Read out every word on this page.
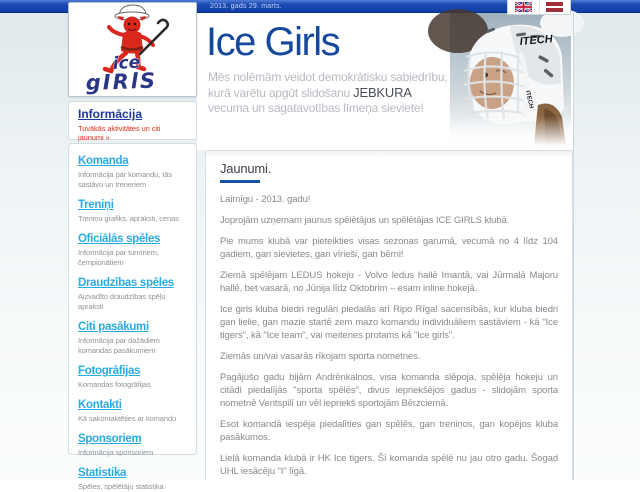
2013. gads 29. marts.
Ice Girls
Mēs nolēmām veidot demokrātisku sabiedrību,
kurā varētu apgūt slidošanu JEBKURA
vecuma un sagatavotības līmeņa sieviete!
ITECH
ITECH
ice
gIRlS
Informācija
Tuvākās aktivitātes un citi jaunumi »
Komanda
Informācija par komandu, tās sastāvu un treneriem
Treniņi
Treniņu grafiks, apraksti, cenas
Oficiālās spēles
Informācija par turnīriem, čempionātiem
Draudzības spēles
Aizvadīto draudzības spēļu apraksti
Citi pasākumi
Informācija par dažādiem komandas pasākumiem
Fotogrāfijas
Komandas fotogrāfijas
Kontakti
Kā sakontaktēties ar komandu
Sponsoriem
Informācija sponsoriem
Statistika
Spēles, spēlētāju statistika
Jaunumi.
Laimīgu - 2013. gadu!
Joprojām uzņemam jaunus spēlētājus un spēlētājas ICE GIRLS klubā.
Pie mums klubā var pieteikties visas sezonas garumā, vecumā no 4 līdz 104 gadiem, gan sievietes, gan vīrieši, gan bērni!
Ziemā spēlējam LEDUS hokeju - Volvo ledus hallē Imantā, vai Jūrmalā Majoru hallē, bet vasarā, no Jūnija līdz Oktobrim – esam inline hokejā.
Ice girls kluba biedri regulāri piedalās arī Ripo Rīga! sacensībās, kur kluba biedri gan lielie, gan mazie startē zem mazo komandu individuāliem sastāviem - kā "Ice tigers", kā "Ice team", vai meitenes protams kā "Ice girls".
Ziemās un/vai vasarās rīkojam sporta nometnes.
Pagājušo gadu bijām Andrēnkalnos, visa komanda slēpoja, spēlēja hokeju un citādi piedalījās "sporta spēlēs", divus iepriekšējos gadus - slidojām sporta nometnē Ventspilī un vēl iepriekš sportojām Bērzciemā.
Esot komandā iespēja piedalīties gan spēlēs, gan treniņos, gan kopējos kluba pasākumos.
Lielā komanda klubā ir HK Ice tigers. Šī komanda spēlē nu jau otro gadu. Šogad UHL iesācēju "I" līgā.
